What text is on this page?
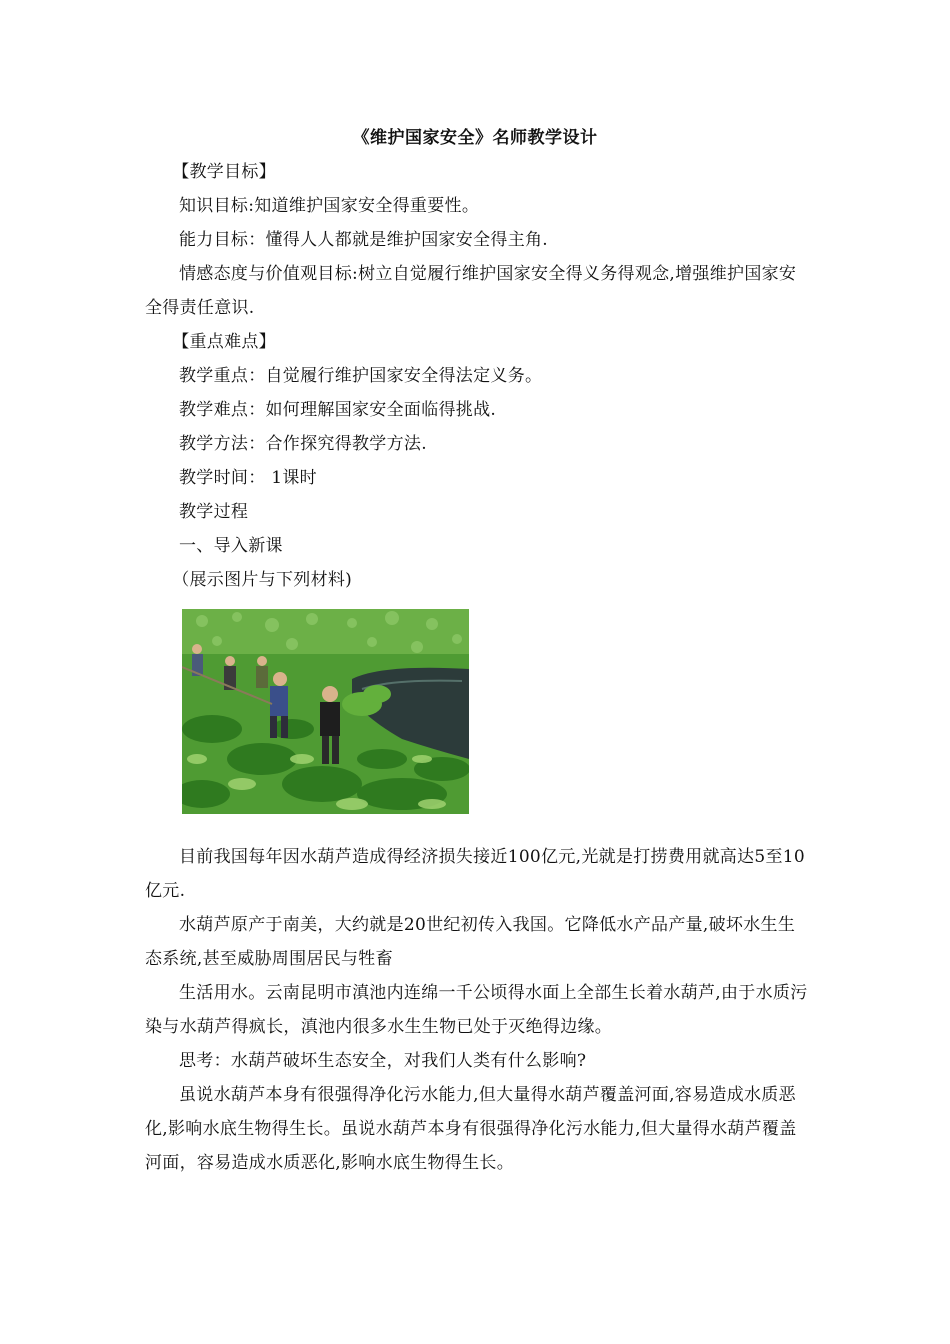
《维护国家安全》名师教学设计

【教学目标】

知识目标:知道维护国家安全得重要性。

能力目标：懂得人人都就是维护国家安全得主角.

情感态度与价值观目标:树立自觉履行维护国家安全得义务得观念,增强维护国家安全得责任意识.

【重点难点】

教学重点：自觉履行维护国家安全得法定义务。

教学难点：如何理解国家安全面临得挑战.

教学方法：合作探究得教学方法.

教学时间： 1课时

教学过程

一、导入新课

（展示图片与下列材料)

目前我国每年因水葫芦造成得经济损失接近100亿元,光就是打捞费用就高达5至10亿元.

水葫芦原产于南美，大约就是20世纪初传入我国。它降低水产品产量,破坏水生生态系统,甚至威胁周围居民与牲畜

生活用水。云南昆明市滇池内连绵一千公顷得水面上全部生长着水葫芦,由于水质污染与水葫芦得疯长，滇池内很多水生生物已处于灭绝得边缘。

思考：水葫芦破坏生态安全，对我们人类有什么影响?

虽说水葫芦本身有很强得净化污水能力,但大量得水葫芦覆盖河面,容易造成水质恶化,影响水底生物得生长。虽说水葫芦本身有很强得净化污水能力,但大量得水葫芦覆盖河面，容易造成水质恶化,影响水底生物得生长。
